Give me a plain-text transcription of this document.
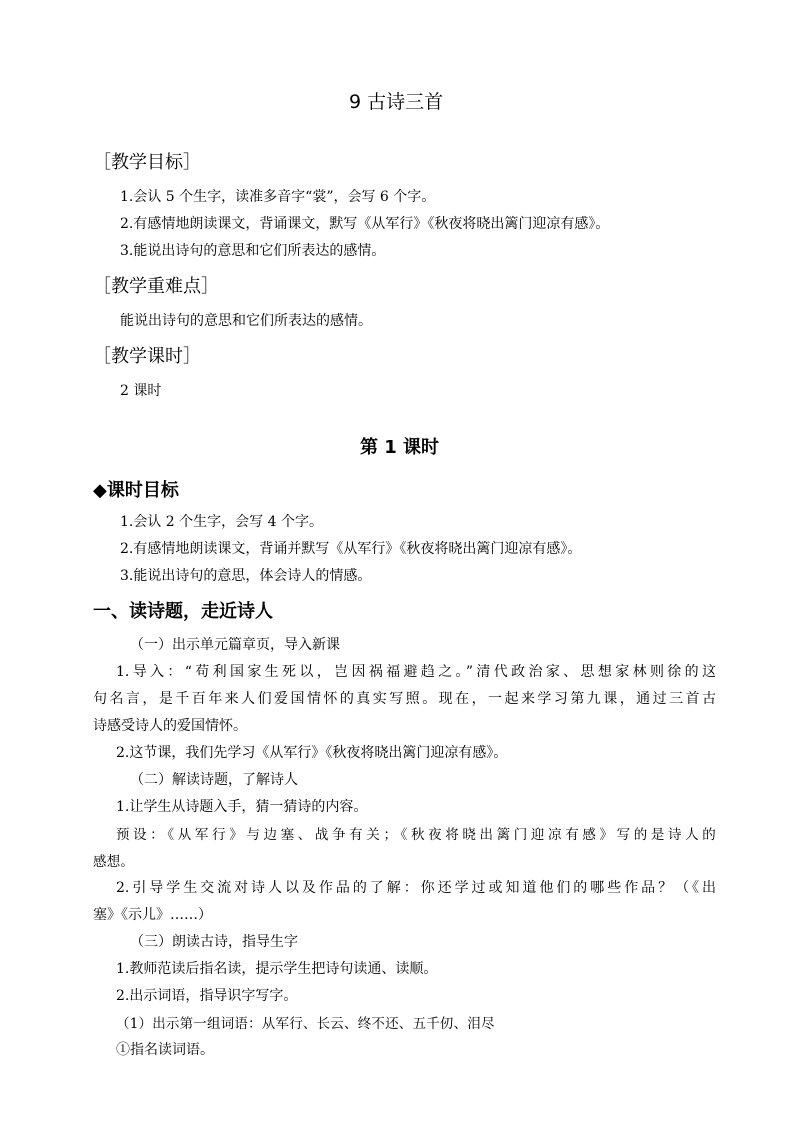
9 古诗三首
［教学目标］
1.会认 5 个生字，读准多音字“裳”，会写 6 个字。
2.有感情地朗读课文，背诵课文，默写《从军行》《秋夜将晓出篱门迎凉有感》。
3.能说出诗句的意思和它们所表达的感情。
［教学重难点］
能说出诗句的意思和它们所表达的感情。
［教学课时］
2 课时
第 1 课时
◆课时目标
1.会认 2 个生字，会写 4 个字。
2.有感情地朗读课文，背诵并默写《从军行》《秋夜将晓出篱门迎凉有感》。
3.能说出诗句的意思，体会诗人的情感。
一、读诗题，走近诗人
（一）出示单元篇章页，导入新课
1.导入：“苟利国家生死以，岂因祸福避趋之。”清代政治家、思想家林则徐的这
句名言，是千百年来人们爱国情怀的真实写照。现在，一起来学习第九课，通过三首古
诗感受诗人的爱国情怀。
2.这节课，我们先学习《从军行》《秋夜将晓出篱门迎凉有感》。
（二）解读诗题，了解诗人
1.让学生从诗题入手，猜一猜诗的内容。
预设：《从军行》与边塞、战争有关；《秋夜将晓出篱门迎凉有感》写的是诗人的
感想。
2.引导学生交流对诗人以及作品的了解：你还学过或知道他们的哪些作品？（《出
塞》《示儿》……）
（三）朗读古诗，指导生字
1.教师范读后指名读，提示学生把诗句读通、读顺。
2.出示词语，指导识字写字。
（1）出示第一组词语：从军行、长云、终不还、五千仞、泪尽
①指名读词语。
